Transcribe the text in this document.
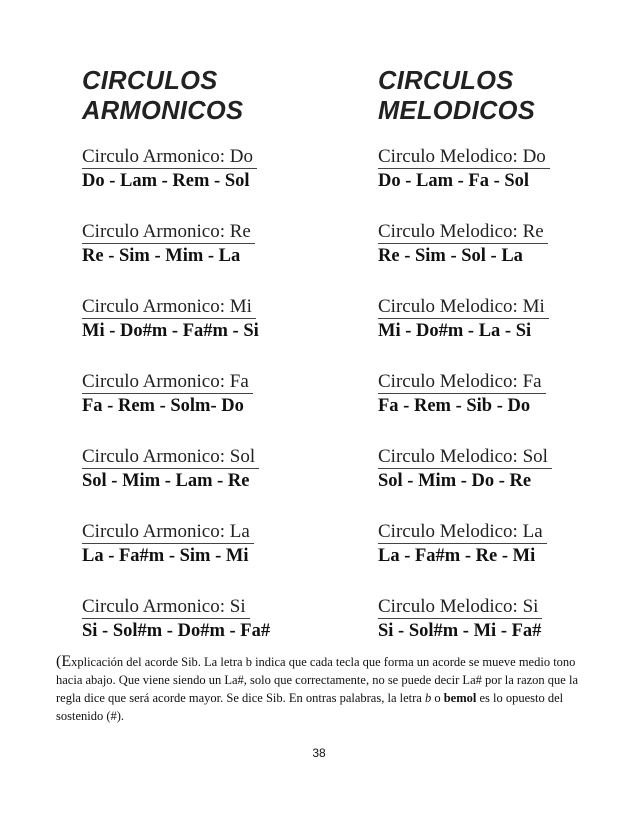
CIRCULOS
ARMONICOS
Circulo Armonico: Do
Do - Lam - Rem - Sol
Circulo Armonico: Re
Re - Sim - Mim - La
Circulo Armonico: Mi
Mi - Do#m - Fa#m - Si
Circulo Armonico: Fa
Fa - Rem - Solm- Do
Circulo Armonico: Sol
Sol - Mim - Lam - Re
Circulo Armonico: La
La - Fa#m - Sim - Mi
Circulo Armonico: Si
Si - Sol#m - Do#m - Fa#
CIRCULOS
MELODICOS
Circulo Melodico: Do
Do - Lam - Fa - Sol
Circulo Melodico: Re
Re - Sim - Sol - La
Circulo Melodico: Mi
Mi - Do#m - La - Si
Circulo Melodico: Fa
Fa - Rem - Sib - Do
Circulo Melodico: Sol
Sol - Mim - Do - Re
Circulo Melodico: La
La - Fa#m - Re - Mi
Circulo Melodico: Si
Si - Sol#m - Mi - Fa#
(Explicación del acorde Sib. La letra b indica que cada tecla que forma un acorde se mueve medio tono hacia abajo. Que viene siendo un La#, solo que correctamente, no se puede decir La# por la razon que la regla dice que será acorde mayor. Se dice Sib. En ontras palabras, la letra b o bemol es lo opuesto del sostenido (#).
38
